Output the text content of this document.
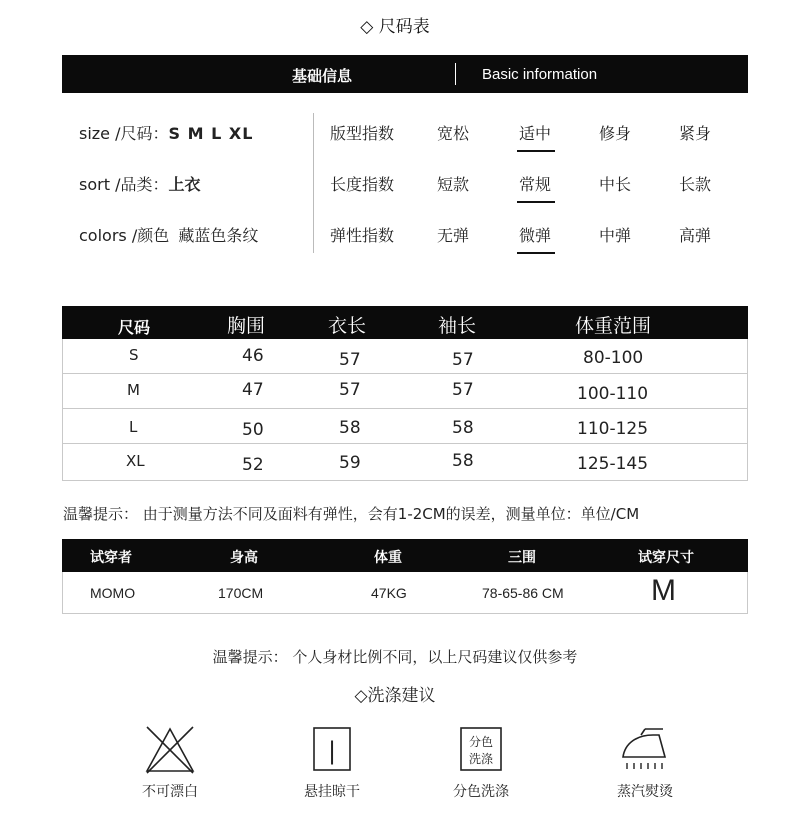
◇ 尺码表
基础信息	Basic information
size /尺码：S M L XL
sort /品类：上衣
colors /颜色 藏蓝色条纹
版型指数	宽松	适中	修身	紧身
长度指数	短款	常规	中长	长款
弹性指数	无弹	微弹	中弹	高弹
尺码	胸围	衣长	袖长	体重范围
S	46	57	57	80-100
M	47	57	57	100-110
L	50	58	58	110-125
XL	52	59	58	125-145
温馨提示： 由于测量方法不同及面料有弹性，会有1-2CM的误差，测量单位：单位/CM
试穿者	身高	体重	三围	试穿尺寸
MOMO	170CM	47KG	78-65-86 CM	M
温馨提示： 个人身材比例不同，以上尺码建议仅供参考
◇洗涤建议
不可漂白
|
悬挂晾干
分色
洗涤
分色洗涤	蒸汽熨烫
